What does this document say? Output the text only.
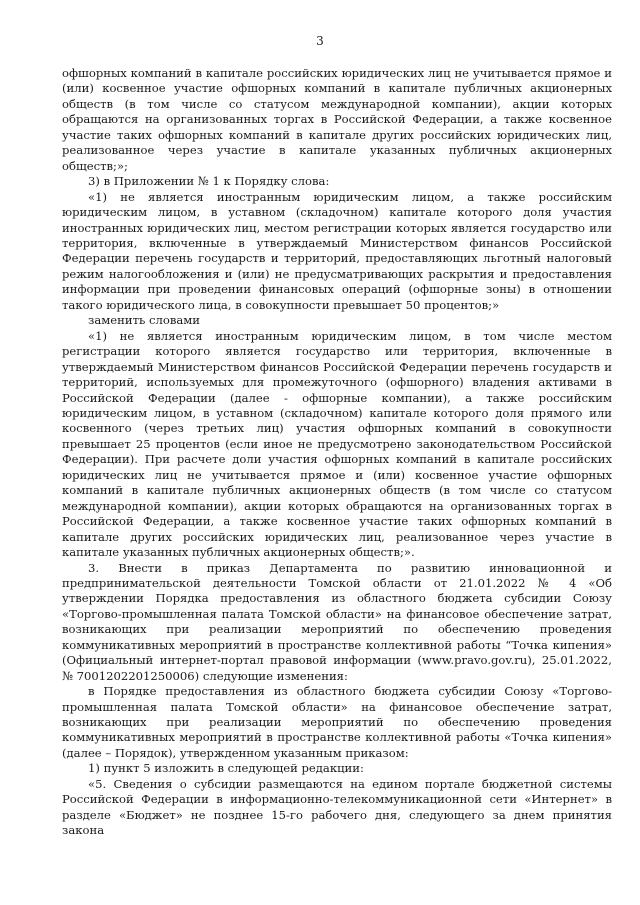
3

офшорных компаний в капитале российских юридических лиц не учитывается прямое и (или) косвенное участие офшорных компаний в капитале публичных акционерных обществ (в том числе со статусом международной компании), акции которых обращаются на организованных торгах в Российской Федерации, а также косвенное участие таких офшорных компаний в капитале других российских юридических лиц, реализованное через участие в капитале указанных публичных акционерных обществ;»;

3) в Приложении № 1 к Порядку слова:

«1) не является иностранным юридическим лицом, а также российским юридическим лицом, в уставном (складочном) капитале которого доля участия иностранных юридических лиц, местом регистрации которых является государство или территория, включенные в утверждаемый Министерством финансов Российской Федерации перечень государств и территорий, предоставляющих льготный налоговый режим налогообложения и (или) не предусматривающих раскрытия и предоставления информации при проведении финансовых операций (офшорные зоны) в отношении такого юридического лица, в совокупности превышает 50 процентов;»

заменить словами

«1) не является иностранным юридическим лицом, в том числе местом регистрации которого является государство или территория, включенные в утверждаемый Министерством финансов Российской Федерации перечень государств и территорий, используемых для промежуточного (офшорного) владения активами в Российской Федерации (далее - офшорные компании), а также российским юридическим лицом, в уставном (складочном) капитале которого доля прямого или косвенного (через третьих лиц) участия офшорных компаний в совокупности превышает 25 процентов (если иное не предусмотрено законодательством Российской Федерации). При расчете доли участия офшорных компаний в капитале российских юридических лиц не учитывается прямое и (или) косвенное участие офшорных компаний в капитале публичных акционерных обществ (в том числе со статусом международной компании), акции которых обращаются на организованных торгах в Российской Федерации, а также косвенное участие таких офшорных компаний в капитале других российских юридических лиц, реализованное через участие в капитале указанных публичных акционерных обществ;».

3. Внести в приказ Департамента по развитию инновационной и предпринимательской деятельности Томской области от 21.01.2022 № 4 «Об утверждении Порядка предоставления из областного бюджета субсидии Союзу «Торгово-промышленная палата Томской области» на финансовое обеспечение затрат, возникающих при реализации мероприятий по обеспечению проведения коммуникативных мероприятий в пространстве коллективной работы “Точка кипения» (Официальный интернет-портал правовой информации (www.pravo.gov.ru), 25.01.2022, № 7001202201250006) следующие изменения:

в Порядке предоставления из областного бюджета субсидии Союзу «Торгово-промышленная палата Томской области» на финансовое обеспечение затрат, возникающих при реализации мероприятий по обеспечению проведения коммуникативных мероприятий в пространстве коллективной работы «Точка кипения» (далее – Порядок), утвержденном указанным приказом:

1) пункт 5 изложить в следующей редакции:

«5. Сведения о субсидии размещаются на едином портале бюджетной системы Российской Федерации в информационно-телекоммуникационной сети «Интернет» в разделе «Бюджет» не позднее 15-го рабочего дня, следующего за днем принятия закона
